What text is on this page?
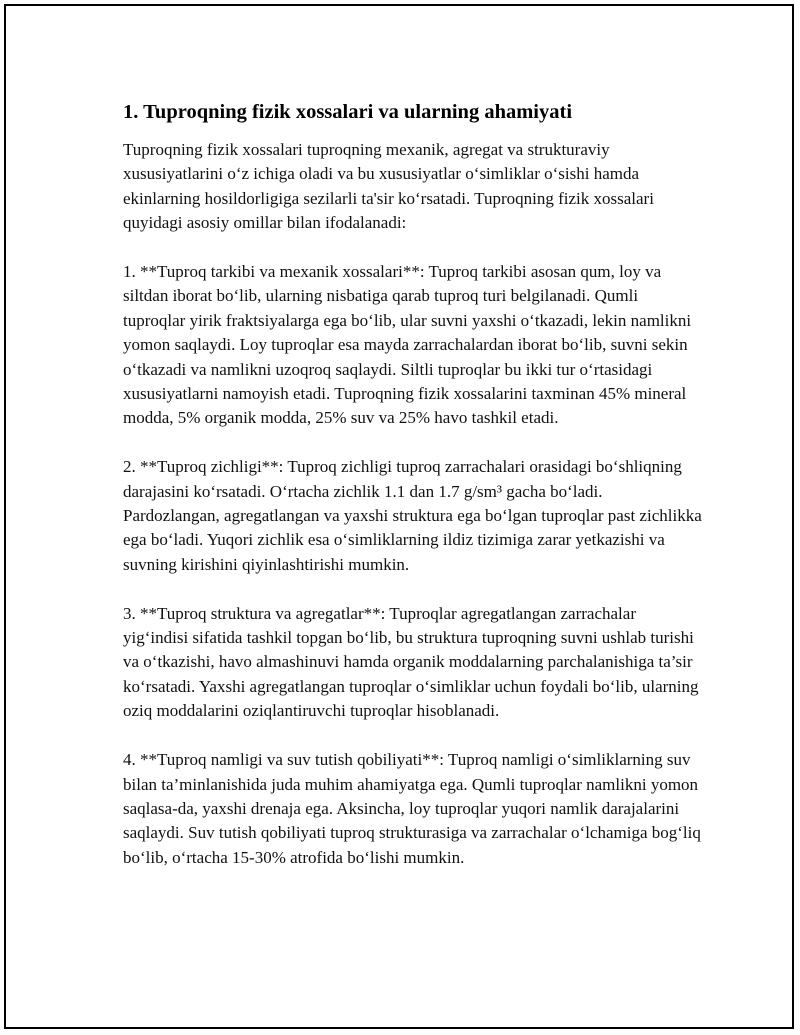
1. Tuproqning fizik xossalari va ularning ahamiyati

Tuproqning fizik xossalari tuproqning mexanik, agregat va strukturaviy xususiyatlarini o‘z ichiga oladi va bu xususiyatlar o‘simliklar o‘sishi hamda ekinlarning hosildorligiga sezilarli ta'sir ko‘rsatadi. Tuproqning fizik xossalari quyidagi asosiy omillar bilan ifodalanadi:

1. **Tuproq tarkibi va mexanik xossalari**: Tuproq tarkibi asosan qum, loy va siltdan iborat bo‘lib, ularning nisbatiga qarab tuproq turi belgilanadi. Qumli tuproqlar yirik fraktsiyalarga ega bo‘lib, ular suvni yaxshi o‘tkazadi, lekin namlikni yomon saqlaydi. Loy tuproqlar esa mayda zarrachalardan iborat bo‘lib, suvni sekin o‘tkazadi va namlikni uzoqroq saqlaydi. Siltli tuproqlar bu ikki tur o‘rtasidagi xususiyatlarni namoyish etadi. Tuproqning fizik xossalarini taxminan 45% mineral modda, 5% organik modda, 25% suv va 25% havo tashkil etadi.

2. **Tuproq zichligi**: Tuproq zichligi tuproq zarrachalari orasidagi bo‘shliqning darajasini ko‘rsatadi. O‘rtacha zichlik 1.1 dan 1.7 g/sm³ gacha bo‘ladi. Pardozlangan, agregatlangan va yaxshi struktura ega bo‘lgan tuproqlar past zichlikka ega bo‘ladi. Yuqori zichlik esa o‘simliklarning ildiz tizimiga zarar yetkazishi va suvning kirishini qiyinlashtirishi mumkin.

3. **Tuproq struktura va agregatlar**: Tuproqlar agregatlangan zarrachalar yig‘indisi sifatida tashkil topgan bo‘lib, bu struktura tuproqning suvni ushlab turishi va o‘tkazishi, havo almashinuvi hamda organik moddalarning parchalanishiga ta’sir ko‘rsatadi. Yaxshi agregatlangan tuproqlar o‘simliklar uchun foydali bo‘lib, ularning oziq moddalarini oziqlantiruvchi tuproqlar hisoblanadi.

4. **Tuproq namligi va suv tutish qobiliyati**: Tuproq namligi o‘simliklarning suv bilan ta’minlanishida juda muhim ahamiyatga ega. Qumli tuproqlar namlikni yomon saqlasa-da, yaxshi drenaja ega. Aksincha, loy tuproqlar yuqori namlik darajalarini saqlaydi. Suv tutish qobiliyati tuproq strukturasiga va zarrachalar o‘lchamiga bog‘liq bo‘lib, o‘rtacha 15-30% atrofida bo‘lishi mumkin.
